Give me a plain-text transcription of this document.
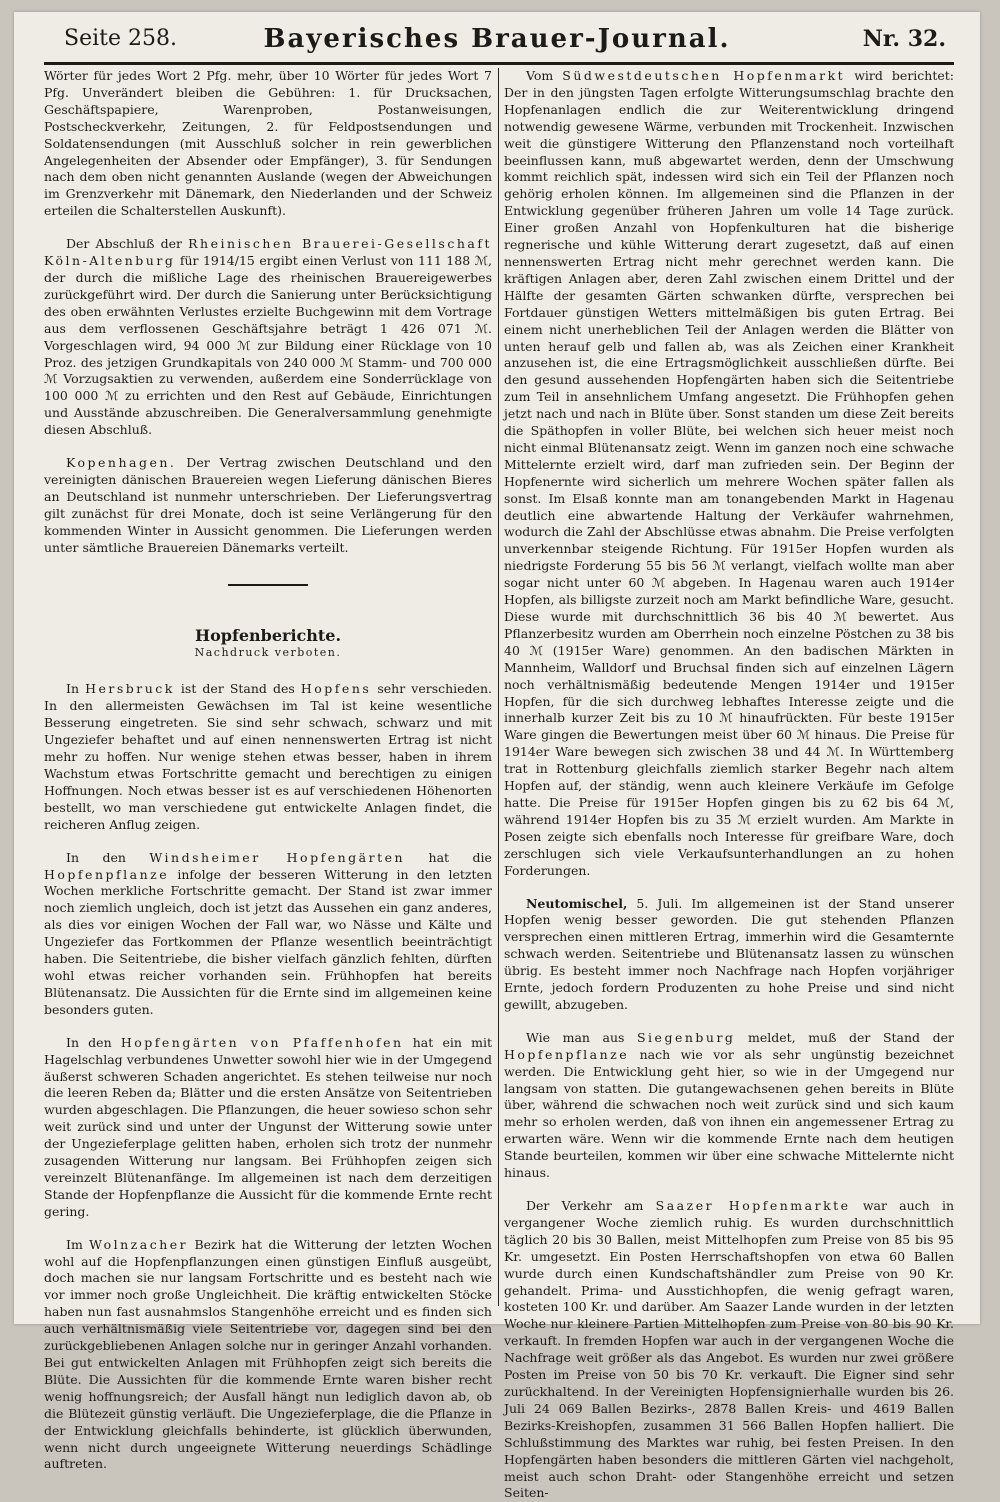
Seite 258.	Bayerisches Brauer-Journal.	Nr. 32.

Wörter für jedes Wort 2 Pfg. mehr, über 10 Wörter für jedes Wort 7 Pfg. Unverändert bleiben die Gebühren: 1. für Drucksachen, Geschäftspapiere, Warenproben, Postanweisungen, Postscheckverkehr, Zeitungen, 2. für Feldpostsendungen und Soldatensendungen (mit Ausschluß solcher in rein gewerblichen Angelegenheiten der Absender oder Empfänger), 3. für Sendungen nach dem oben nicht genannten Auslande (wegen der Abweichungen im Grenzverkehr mit Dänemark, den Niederlanden und der Schweiz erteilen die Schalterstellen Auskunft).

Der Abschluß der Rheinischen Brauerei-Gesellschaft Köln-Altenburg für 1914/15 ergibt einen Verlust von 111 188 ℳ, der durch die mißliche Lage des rheinischen Brauereigewerbes zurückgeführt wird. Der durch die Sanierung unter Berücksichtigung des oben erwähnten Verlustes erzielte Buchgewinn mit dem Vortrage aus dem verflossenen Geschäftsjahre beträgt 1 426 071 ℳ. Vorgeschlagen wird, 94 000 ℳ zur Bildung einer Rücklage von 10 Proz. des jetzigen Grundkapitals von 240 000 ℳ Stamm- und 700 000 ℳ Vorzugsaktien zu verwenden, außerdem eine Sonderrücklage von 100 000 ℳ zu errichten und den Rest auf Gebäude, Einrichtungen und Ausstände abzuschreiben. Die Generalversammlung genehmigte diesen Abschluß.

Kopenhagen. Der Vertrag zwischen Deutschland und den vereinigten dänischen Brauereien wegen Lieferung dänischen Bieres an Deutschland ist nunmehr unterschrieben. Der Lieferungsvertrag gilt zunächst für drei Monate, doch ist seine Verlängerung für den kommenden Winter in Aussicht genommen. Die Lieferungen werden unter sämtliche Brauereien Dänemarks verteilt.

Hopfenberichte.
Nachdruck verboten.

In Hersbruck ist der Stand des Hopfens sehr verschieden. In den allermeisten Gewächsen im Tal ist keine wesentliche Besserung eingetreten. Sie sind sehr schwach, schwarz und mit Ungeziefer behaftet und auf einen nennenswerten Ertrag ist nicht mehr zu hoffen. Nur wenige stehen etwas besser, haben in ihrem Wachstum etwas Fortschritte gemacht und berechtigen zu einigen Hoffnungen. Noch etwas besser ist es auf verschiedenen Höhenorten bestellt, wo man verschiedene gut entwickelte Anlagen findet, die reicheren Anflug zeigen.

In den Windsheimer Hopfengärten hat die Hopfenpflanze infolge der besseren Witterung in den letzten Wochen merkliche Fortschritte gemacht. Der Stand ist zwar immer noch ziemlich ungleich, doch ist jetzt das Aussehen ein ganz anderes, als dies vor einigen Wochen der Fall war, wo Nässe und Kälte und Ungeziefer das Fortkommen der Pflanze wesentlich beeinträchtigt haben. Die Seitentriebe, die bisher vielfach gänzlich fehlten, dürften wohl etwas reicher vorhanden sein. Frühhopfen hat bereits Blütenansatz. Die Aussichten für die Ernte sind im allgemeinen keine besonders guten.

In den Hopfengärten von Pfaffenhofen hat ein mit Hagelschlag verbundenes Unwetter sowohl hier wie in der Umgegend äußerst schweren Schaden angerichtet. Es stehen teilweise nur noch die leeren Reben da; Blätter und die ersten Ansätze von Seitentrieben wurden abgeschlagen. Die Pflanzungen, die heuer sowieso schon sehr weit zurück sind und unter der Ungunst der Witterung sowie unter der Ungezieferplage gelitten haben, erholen sich trotz der nunmehr zusagenden Witterung nur langsam. Bei Frühhopfen zeigen sich vereinzelt Blütenanfänge. Im allgemeinen ist nach dem derzeitigen Stande der Hopfenpflanze die Aussicht für die kommende Ernte recht gering.

Im Wolnzacher Bezirk hat die Witterung der letzten Wochen wohl auf die Hopfenpflanzungen einen günstigen Einfluß ausgeübt, doch machen sie nur langsam Fortschritte und es besteht nach wie vor immer noch große Ungleichheit. Die kräftig entwickelten Stöcke haben nun fast ausnahmslos Stangenhöhe erreicht und es finden sich auch verhältnismäßig viele Seitentriebe vor, dagegen sind bei den zurückgebliebenen Anlagen solche nur in geringer Anzahl vorhanden. Bei gut entwickelten Anlagen mit Frühhopfen zeigt sich bereits die Blüte. Die Aussichten für die kommende Ernte waren bisher recht wenig hoffnungsreich; der Ausfall hängt nun lediglich davon ab, ob die Blütezeit günstig verläuft. Die Ungezieferplage, die die Pflanze in der Entwicklung gleichfalls behinderte, ist glücklich überwunden, wenn nicht durch ungeeignete Witterung neuerdings Schädlinge auftreten.

Vom Südwestdeutschen Hopfenmarkt wird berichtet: Der in den jüngsten Tagen erfolgte Witterungsumschlag brachte den Hopfenanlagen endlich die zur Weiterentwicklung dringend notwendig gewesene Wärme, verbunden mit Trockenheit. Inzwischen weit die günstigere Witterung den Pflanzenstand noch vorteilhaft beeinflussen kann, muß abgewartet werden, denn der Umschwung kommt reichlich spät, indessen wird sich ein Teil der Pflanzen noch gehörig erholen können. Im allgemeinen sind die Pflanzen in der Entwicklung gegenüber früheren Jahren um volle 14 Tage zurück. Einer großen Anzahl von Hopfenkulturen hat die bisherige regnerische und kühle Witterung derart zugesetzt, daß auf einen nennenswerten Ertrag nicht mehr gerechnet werden kann. Die kräftigen Anlagen aber, deren Zahl zwischen einem Drittel und der Hälfte der gesamten Gärten schwanken dürfte, versprechen bei Fortdauer günstigen Wetters mittelmäßigen bis guten Ertrag. Bei einem nicht unerheblichen Teil der Anlagen werden die Blätter von unten herauf gelb und fallen ab, was als Zeichen einer Krankheit anzusehen ist, die eine Ertragsmöglichkeit ausschließen dürfte. Bei den gesund aussehenden Hopfengärten haben sich die Seitentriebe zum Teil in ansehnlichem Umfang angesetzt. Die Frühhopfen gehen jetzt nach und nach in Blüte über. Sonst standen um diese Zeit bereits die Späthopfen in voller Blüte, bei welchen sich heuer meist noch nicht einmal Blütenansatz zeigt. Wenn im ganzen noch eine schwache Mittelernte erzielt wird, darf man zufrieden sein. Der Beginn der Hopfenernte wird sicherlich um mehrere Wochen später fallen als sonst. Im Elsaß konnte man am tonangebenden Markt in Hagenau deutlich eine abwartende Haltung der Verkäufer wahrnehmen, wodurch die Zahl der Abschlüsse etwas abnahm. Die Preise verfolgten unverkennbar steigende Richtung. Für 1915er Hopfen wurden als niedrigste Forderung 55 bis 56 ℳ verlangt, vielfach wollte man aber sogar nicht unter 60 ℳ abgeben. In Hagenau waren auch 1914er Hopfen, als billigste zurzeit noch am Markt befindliche Ware, gesucht. Diese wurde mit durchschnittlich 36 bis 40 ℳ bewertet. Aus Pflanzerbesitz wurden am Oberrhein noch einzelne Pöstchen zu 38 bis 40 ℳ (1915er Ware) genommen. An den badischen Märkten in Mannheim, Walldorf und Bruchsal finden sich auf einzelnen Lägern noch verhältnismäßig bedeutende Mengen 1914er und 1915er Hopfen, für die sich durchweg lebhaftes Interesse zeigte und die innerhalb kurzer Zeit bis zu 10 ℳ hinaufrückten. Für beste 1915er Ware gingen die Bewertungen meist über 60 ℳ hinaus. Die Preise für 1914er Ware bewegen sich zwischen 38 und 44 ℳ. In Württemberg trat in Rottenburg gleichfalls ziemlich starker Begehr nach altem Hopfen auf, der ständig, wenn auch kleinere Verkäufe im Gefolge hatte. Die Preise für 1915er Hopfen gingen bis zu 62 bis 64 ℳ, während 1914er Hopfen bis zu 35 ℳ erzielt wurden. Am Markte in Posen zeigte sich ebenfalls noch Interesse für greifbare Ware, doch zerschlugen sich viele Verkaufsunterhandlungen an zu hohen Forderungen.

Neutomischel, 5. Juli. Im allgemeinen ist der Stand unserer Hopfen wenig besser geworden. Die gut stehenden Pflanzen versprechen einen mittleren Ertrag, immerhin wird die Gesamternte schwach werden. Seitentriebe und Blütenansatz lassen zu wünschen übrig. Es besteht immer noch Nachfrage nach Hopfen vorjähriger Ernte, jedoch fordern Produzenten zu hohe Preise und sind nicht gewillt, abzugeben.

Wie man aus Siegenburg meldet, muß der Stand der Hopfenpflanze nach wie vor als sehr ungünstig bezeichnet werden. Die Entwicklung geht hier, so wie in der Umgegend nur langsam von statten. Die gutangewachsenen gehen bereits in Blüte über, während die schwachen noch weit zurück sind und sich kaum mehr so erholen werden, daß von ihnen ein angemessener Ertrag zu erwarten wäre. Wenn wir die kommende Ernte nach dem heutigen Stande beurteilen, kommen wir über eine schwache Mittelernte nicht hinaus.

Der Verkehr am Saazer Hopfenmarkte war auch in vergangener Woche ziemlich ruhig. Es wurden durchschnittlich täglich 20 bis 30 Ballen, meist Mittelhopfen zum Preise von 85 bis 95 Kr. umgesetzt. Ein Posten Herrschaftshopfen von etwa 60 Ballen wurde durch einen Kundschaftshändler zum Preise von 90 Kr. gehandelt. Prima- und Ausstichhopfen, die wenig gefragt waren, kosteten 100 Kr. und darüber. Am Saazer Lande wurden in der letzten Woche nur kleinere Partien Mittelhopfen zum Preise von 80 bis 90 Kr. verkauft. In fremden Hopfen war auch in der vergangenen Woche die Nachfrage weit größer als das Angebot. Es wurden nur zwei größere Posten im Preise von 50 bis 70 Kr. verkauft. Die Eigner sind sehr zurückhaltend. In der Vereinigten Hopfensignierhalle wurden bis 26. Juli 24 069 Ballen Bezirks-, 2878 Ballen Kreis- und 4619 Ballen Bezirks-Kreishopfen, zusammen 31 566 Ballen Hopfen halliert. Die Schlußstimmung des Marktes war ruhig, bei festen Preisen. In den Hopfengärten haben besonders die mittleren Gärten viel nachgeholt, meist auch schon Draht- oder Stangenhöhe erreicht und setzen Seiten-
